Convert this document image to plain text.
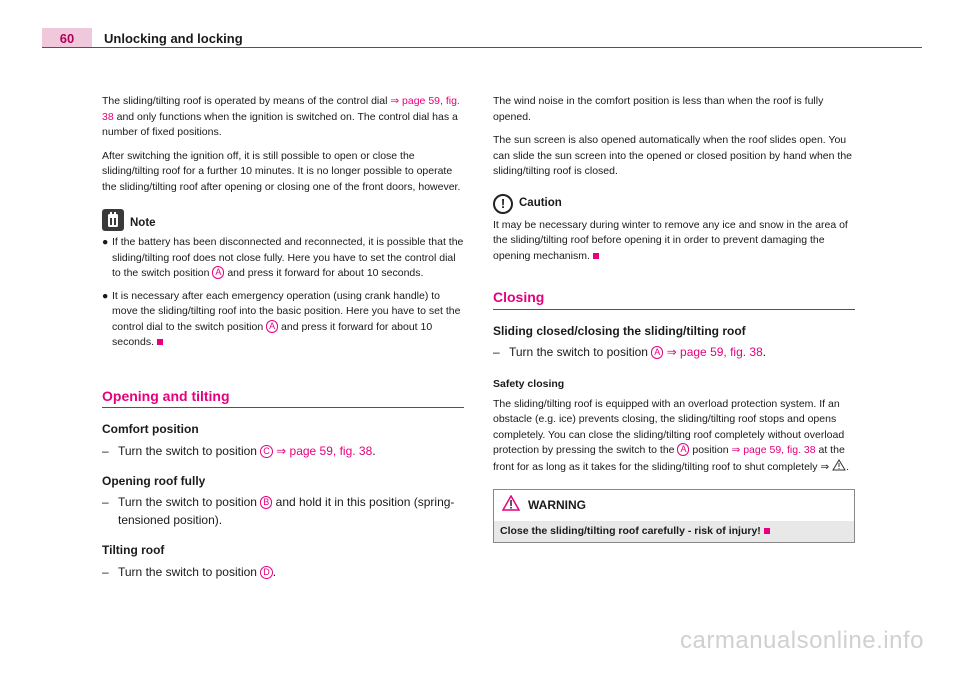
60	Unlocking and locking

The sliding/tilting roof is operated by means of the control dial ⇒ page 59, fig. 38 and only functions when the ignition is switched on. The control dial has a number of fixed positions.

After switching the ignition off, it is still possible to open or close the sliding/tilting roof for a further 10 minutes. It is no longer possible to operate the sliding/tilting roof after opening or closing one of the front doors, however.

Note
● If the battery has been disconnected and reconnected, it is possible that the sliding/tilting roof does not close fully. Here you have to set the control dial to the switch position A and press it forward for about 10 seconds.
● It is necessary after each emergency operation (using crank handle) to move the sliding/tilting roof into the basic position. Here you have to set the control dial to the switch position A and press it forward for about 10 seconds.
Opening and tilting
Comfort position
– Turn the switch to position C ⇒ page 59, fig. 38.
Opening roof fully
– Turn the switch to position B and hold it in this position (spring-tensioned position).
Tilting roof
– Turn the switch to position D .

The wind noise in the comfort position is less than when the roof is fully opened.

The sun screen is also opened automatically when the roof slides open. You can slide the sun screen into the opened or closed position by hand when the sliding/tilting roof is closed.

!	Caution

It may be necessary during winter to remove any ice and snow in the area of the sliding/tilting roof before opening it in order to prevent damaging the opening mechanism.

Closing
Sliding closed/closing the sliding/tilting roof
– Turn the switch to position A ⇒ page 59, fig. 38.
Safety closing

The sliding/tilting roof is equipped with an overload protection system. If an obstacle (e.g. ice) prevents closing, the sliding/tilting roof stops and opens completely. You can close the sliding/tilting roof completely without overload protection by pressing the switch to the A position ⇒ page 59, fig. 38 at the front for as long as it takes for the sliding/tilting roof to shut completely ⇒ .

WARNING
Close the sliding/tilting roof carefully - risk of injury!
carmanualsonline.info
